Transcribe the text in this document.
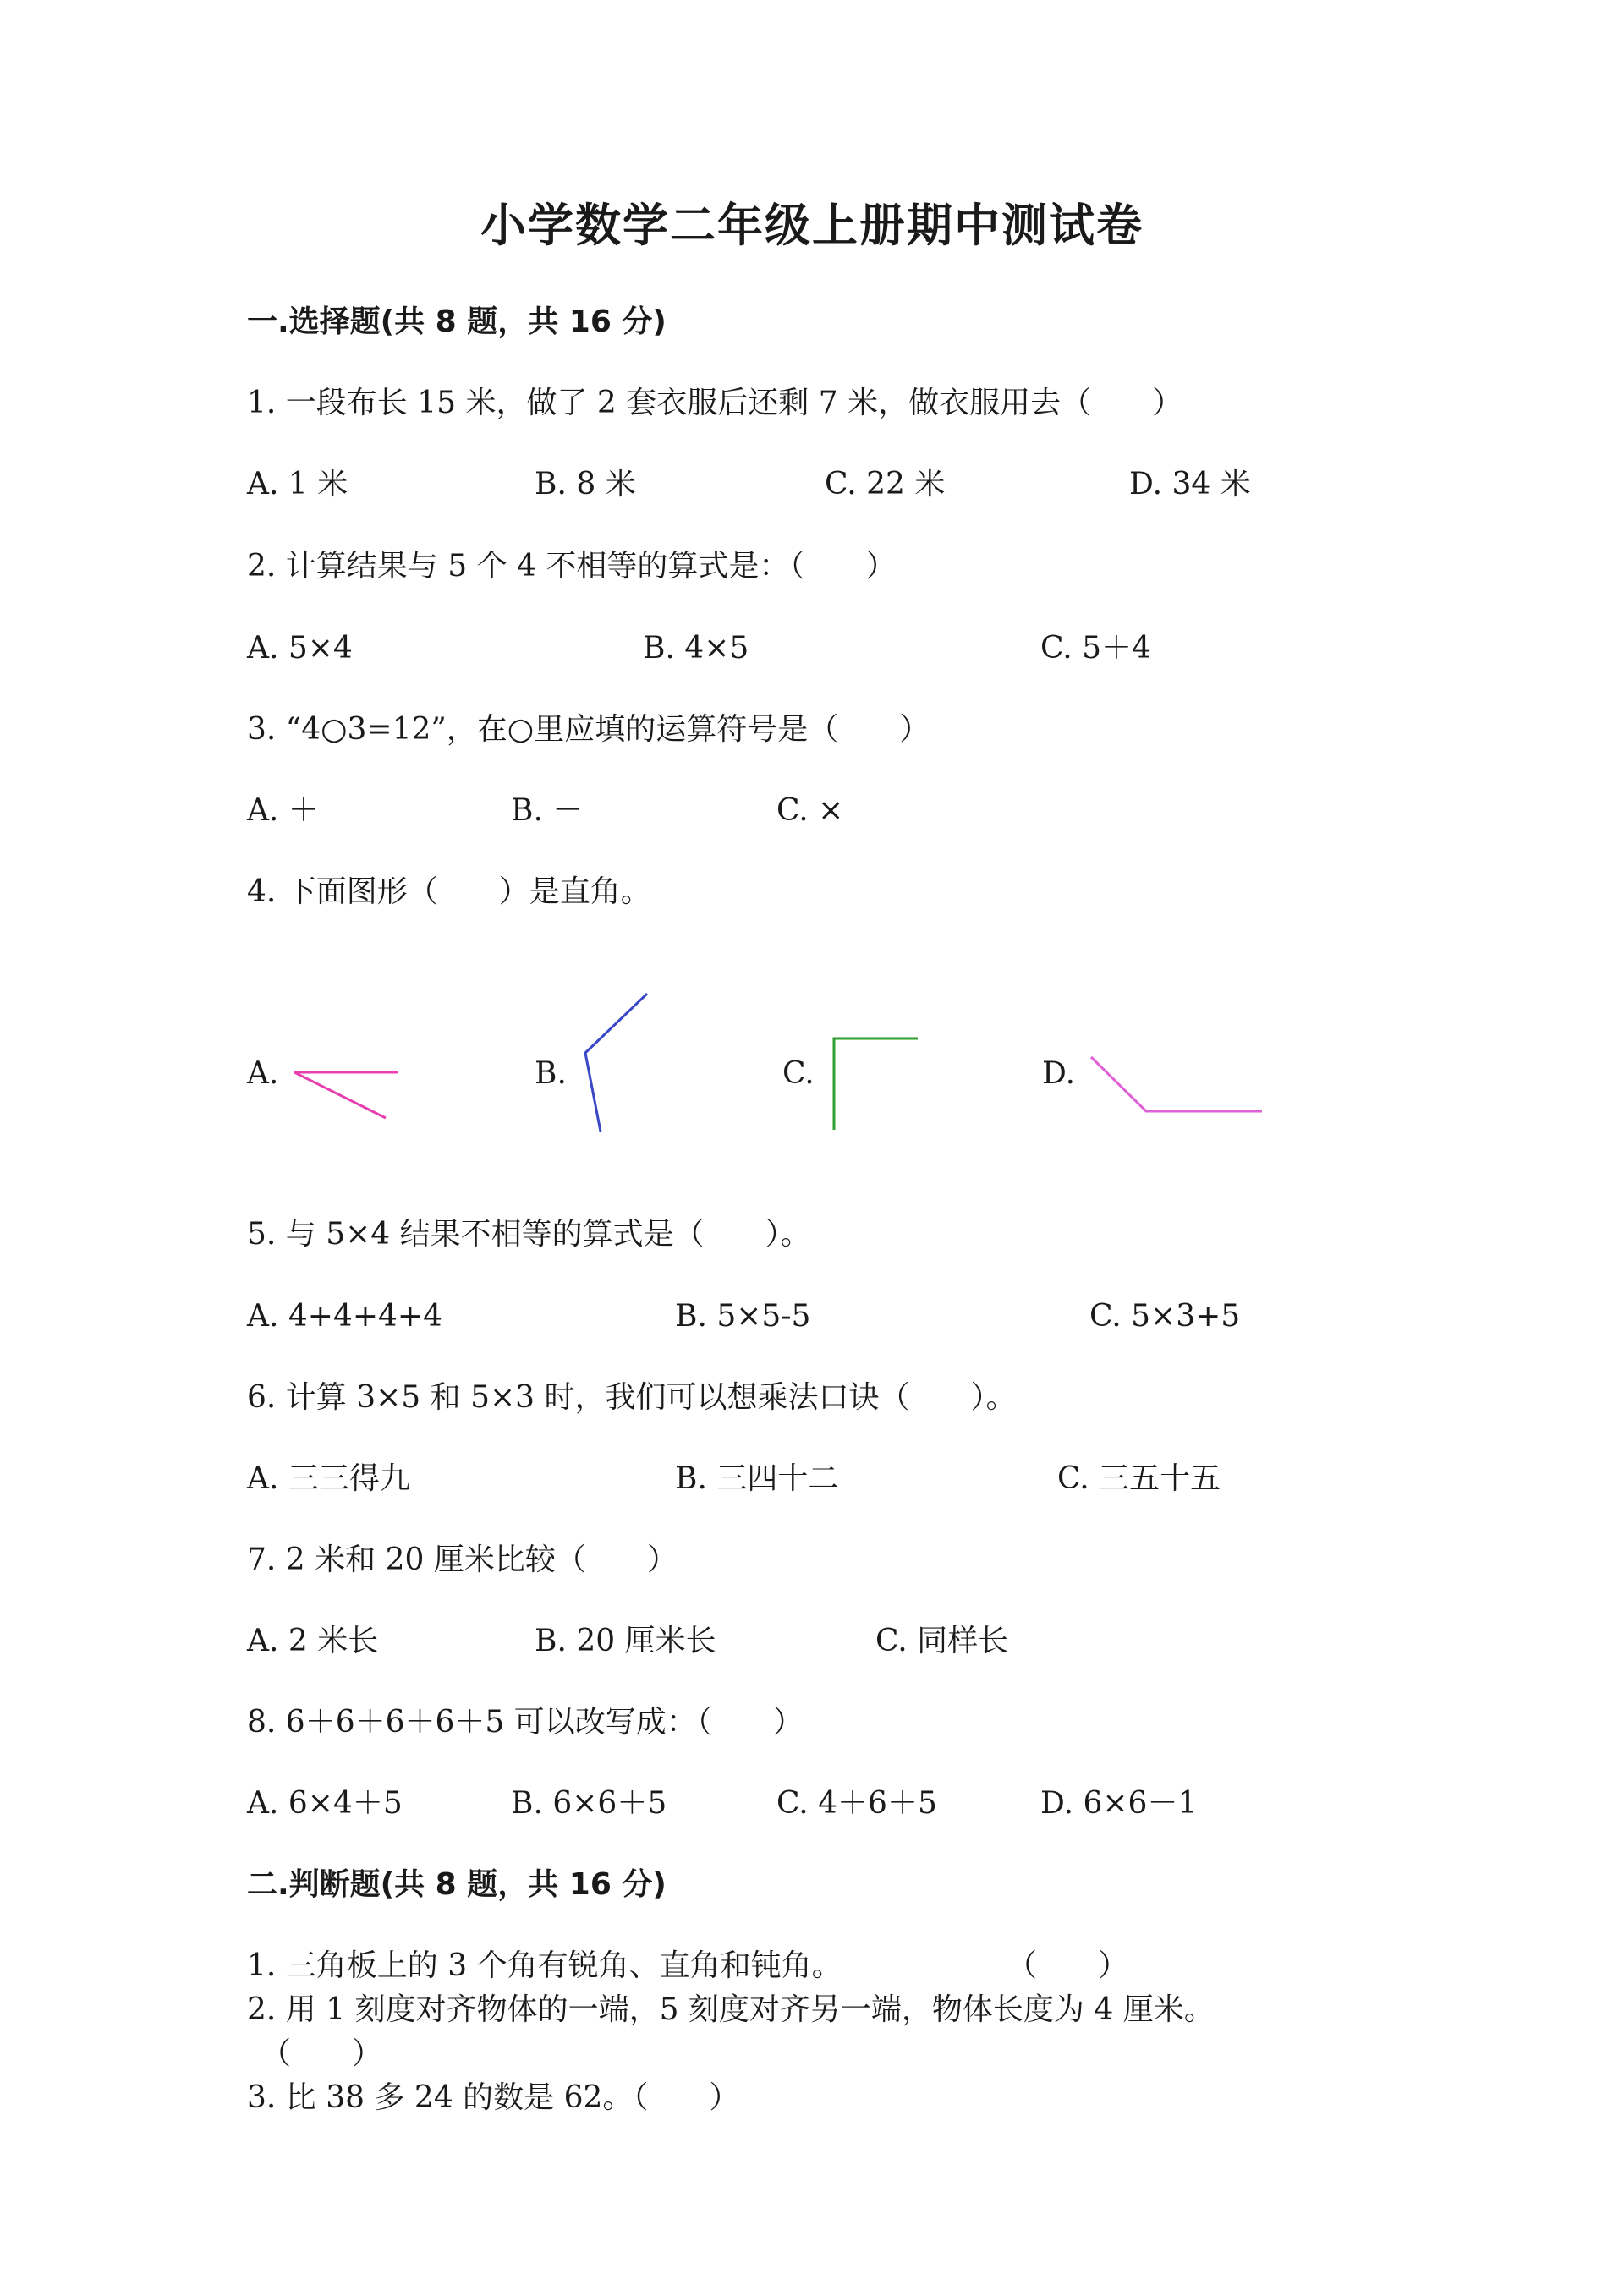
小学数学二年级上册期中测试卷
一.选择题(共 8 题，共 16 分)
1. 一段布长 15 米，做了 2 套衣服后还剩 7 米，做衣服用去（　　）
A. 1 米	B. 8 米	C. 22 米	D. 34 米
2. 计算结果与 5 个 4 不相等的算式是：（　　）
A. 5×4	B. 4×5	C. 5＋4
3. “4○3=12”，在○里应填的运算符号是（　　）
A. ＋	B. －	C. ×
4. 下面图形（　　）是直角。
A.	B.	C.	D.
5. 与 5×4 结果不相等的算式是（　　）。
A. 4+4+4+4	B. 5×5-5	C. 5×3+5
6. 计算 3×5 和 5×3 时，我们可以想乘法口诀（　　）。
A. 三三得九	B. 三四十二	C. 三五十五
7. 2 米和 20 厘米比较（　　）
A. 2 米长	B. 20 厘米长	C. 同样长
8. 6＋6＋6＋6＋5 可以改写成：（　　）
A. 6×4＋5	B. 6×6＋5	C. 4＋6＋5	D. 6×6－1
二.判断题(共 8 题，共 16 分)
1. 三角板上的 3 个角有锐角、直角和钝角。	（　　）
2. 用 1 刻度对齐物体的一端，5 刻度对齐另一端，物体长度为 4 厘米。
（　　）
3. 比 38 多 24 的数是 62。（　　）
